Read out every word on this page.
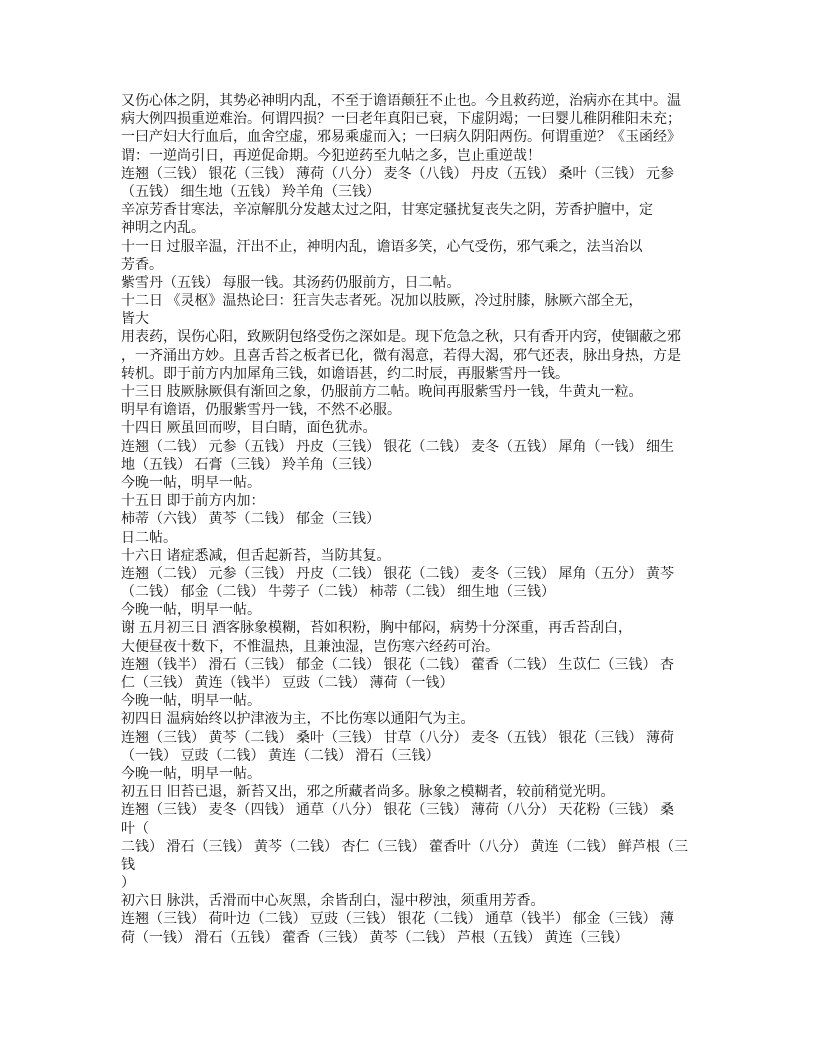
又伤心体之阴，其势必神明内乱，不至于谵语颠狂不止也。今且救药逆，治病亦在其中。温
病大例四损重逆难治。何谓四损？一曰老年真阳已衰，下虚阴竭；一曰婴儿稚阴稚阳未充；
一曰产妇大行血后，血舍空虚，邪易乘虚而入；一曰病久阴阳两伤。何谓重逆？《玉函经》
谓：一逆尚引日，再逆促命期。今犯逆药至九帖之多，岂止重逆哉！
连翘（三钱） 银花（三钱） 薄荷（八分） 麦冬（八钱） 丹皮（五钱） 桑叶（三钱） 元参
（五钱） 细生地（五钱） 羚羊角（三钱）
辛凉芳香甘寒法，辛凉解肌分发越太过之阳，甘寒定骚扰复丧失之阴，芳香护膻中，定
神明之内乱。
十一日 过服辛温，汗出不止，神明内乱，谵语多笑，心气受伤，邪气乘之，法当治以
芳香。
紫雪丹（五钱） 每服一钱。其汤药仍服前方，日二帖。
十二日 《灵枢》温热论曰：狂言失志者死。况加以肢厥，冷过肘膝，脉厥六部全无，
皆大
用表药，误伤心阳，致厥阴包络受伤之深如是。现下危急之秋，只有香开内窍，使锢蔽之邪
，一齐涌出方妙。且喜舌苔之板者已化，微有渴意，若得大渴，邪气还表，脉出身热，方是
转机。即于前方内加犀角三钱，如谵语甚，约二时辰，再服紫雪丹一钱。
十三日 肢厥脉厥俱有渐回之象，仍服前方二帖。晚间再服紫雪丹一钱，牛黄丸一粒。
明早有谵语，仍服紫雪丹一钱，不然不必服。
十四日 厥虽回而哕，目白睛，面色犹赤。
连翘（二钱） 元参（五钱） 丹皮（三钱） 银花（二钱） 麦冬（五钱） 犀角（一钱） 细生
地（五钱） 石膏（三钱） 羚羊角（三钱）
今晚一帖，明早一帖。
十五日 即于前方内加：
柿蒂（六钱） 黄芩（二钱） 郁金（三钱）
日二帖。
十六日 诸症悉减，但舌起新苔，当防其复。
连翘（二钱） 元参（三钱） 丹皮（二钱） 银花（二钱） 麦冬（三钱） 犀角（五分） 黄芩
（二钱） 郁金（二钱） 牛蒡子（二钱） 柿蒂（二钱） 细生地（三钱）
今晚一帖，明早一帖。
谢 五月初三日 酒客脉象模糊，苔如积粉，胸中郁闷，病势十分深重，再舌苔刮白，
大便昼夜十数下，不惟温热，且兼浊湿，岂伤寒六经药可治。
连翘（钱半） 滑石（三钱） 郁金（二钱） 银花（二钱） 藿香（二钱） 生苡仁（三钱） 杏
仁（三钱） 黄连（钱半） 豆豉（二钱） 薄荷（一钱）
今晚一帖，明早一帖。
初四日 温病始终以护津液为主，不比伤寒以通阳气为主。
连翘（三钱） 黄芩（二钱） 桑叶（三钱） 甘草（八分） 麦冬（五钱） 银花（三钱） 薄荷
（一钱） 豆豉（二钱） 黄连（二钱） 滑石（三钱）
今晚一帖，明早一帖。
初五日 旧苔已退，新苔又出，邪之所藏者尚多。脉象之模糊者，较前稍觉光明。
连翘（三钱） 麦冬（四钱） 通草（八分） 银花（三钱） 薄荷（八分） 天花粉（三钱） 桑
叶（
二钱） 滑石（三钱） 黄芩（二钱） 杏仁（三钱） 藿香叶（八分） 黄连（二钱） 鲜芦根（三
钱
）
初六日 脉洪，舌滑而中心灰黑，余皆刮白，湿中秽浊，须重用芳香。
连翘（三钱） 荷叶边（二钱） 豆豉（三钱） 银花（二钱） 通草（钱半） 郁金（三钱） 薄
荷（一钱） 滑石（五钱） 藿香（三钱） 黄芩（二钱） 芦根（五钱） 黄连（三钱）
